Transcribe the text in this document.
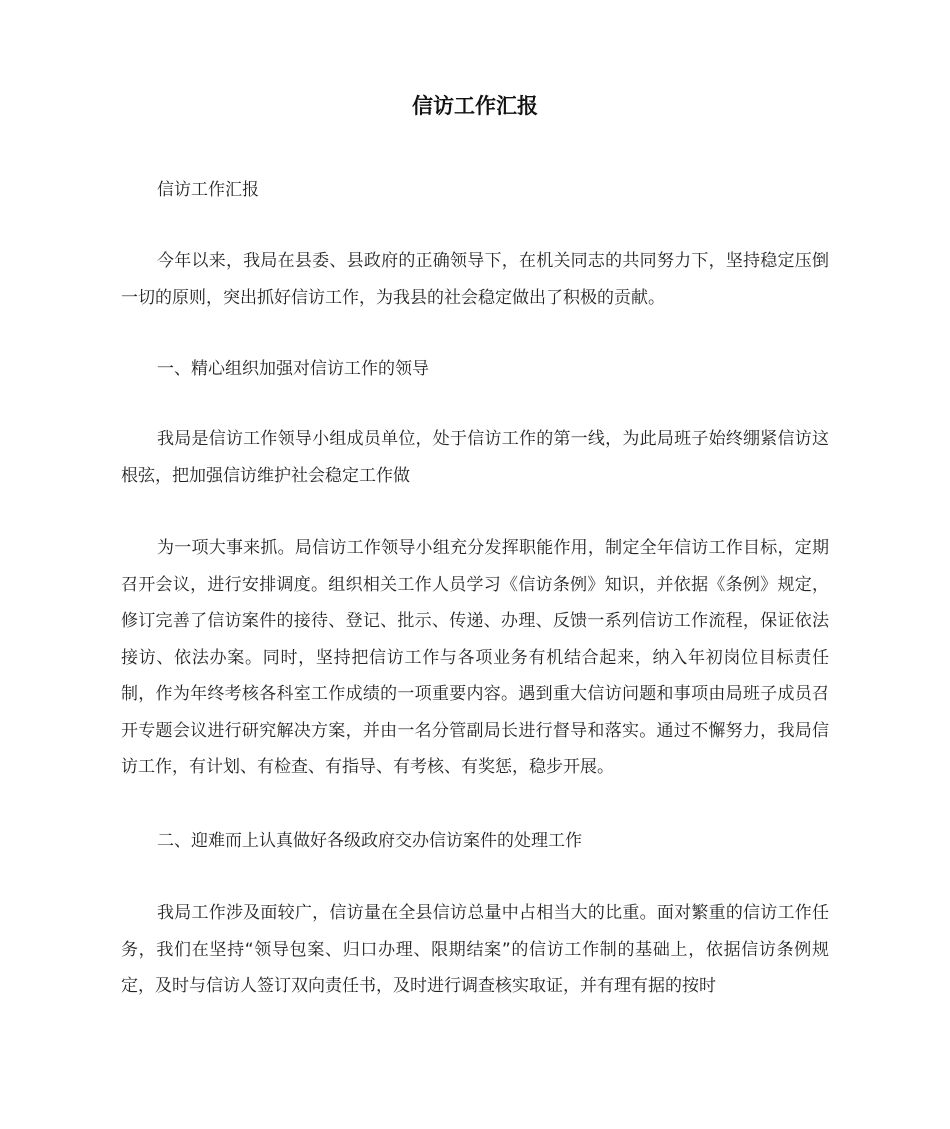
信访工作汇报

信访工作汇报

今年以来，我局在县委、县政府的正确领导下，在机关同志的共同努力下，坚持稳定压倒一切的原则，突出抓好信访工作，为我县的社会稳定做出了积极的贡献。

一、精心组织加强对信访工作的领导

我局是信访工作领导小组成员单位，处于信访工作的第一线，为此局班子始终绷紧信访这根弦，把加强信访维护社会稳定工作做

为一项大事来抓。局信访工作领导小组充分发挥职能作用，制定全年信访工作目标，定期召开会议，进行安排调度。组织相关工作人员学习《信访条例》知识，并依据《条例》规定，修订完善了信访案件的接待、登记、批示、传递、办理、反馈一系列信访工作流程，保证依法接访、依法办案。同时，坚持把信访工作与各项业务有机结合起来，纳入年初岗位目标责任制，作为年终考核各科室工作成绩的一项重要内容。遇到重大信访问题和事项由局班子成员召开专题会议进行研究解决方案，并由一名分管副局长进行督导和落实。通过不懈努力，我局信访工作，有计划、有检查、有指导、有考核、有奖惩，稳步开展。

二、迎难而上认真做好各级政府交办信访案件的处理工作

我局工作涉及面较广，信访量在全县信访总量中占相当大的比重。面对繁重的信访工作任务，我们在坚持“领导包案、归口办理、限期结案”的信访工作制的基础上，依据信访条例规定，及时与信访人签订双向责任书，及时进行调查核实取证，并有理有据的按时
